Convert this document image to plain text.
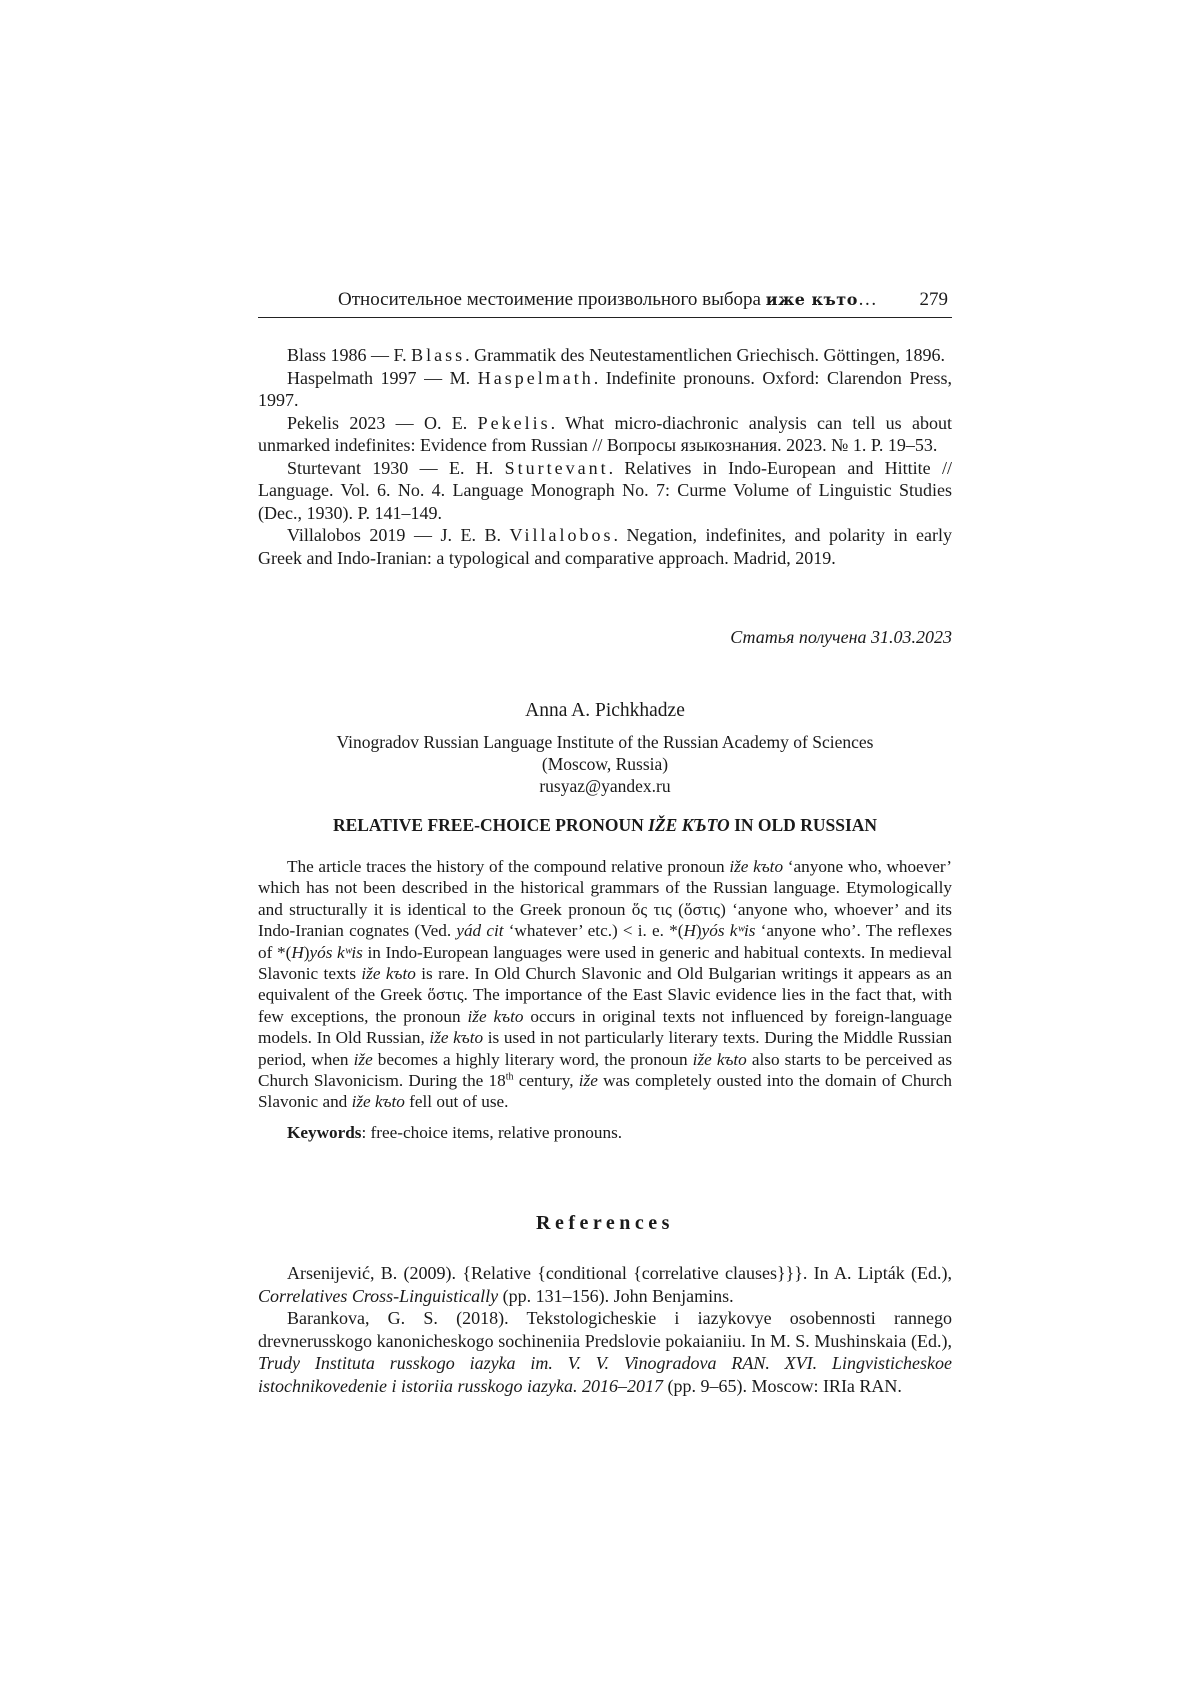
Относительное местоимение произвольного выбора иже къто… 279

Blass 1986 — F. Blass. Grammatik des Neutestamentlichen Griechisch. Göttingen, 1896.

Haspelmath 1997 — M. Haspelmath. Indefinite pronouns. Oxford: Clarendon Press, 1997.

Pekelis 2023 — O. E. Pekelis. What micro-diachronic analysis can tell us about unmarked indefinites: Evidence from Russian // Вопросы языкознания. 2023. № 1. P. 19–53.

Sturtevant 1930 — E. H. Sturtevant. Relatives in Indo-European and Hittite // Language. Vol. 6. No. 4. Language Monograph No. 7: Curme Volume of Linguistic Studies (Dec., 1930). P. 141–149.

Villalobos 2019 — J. E. B. Villalobos. Negation, indefinites, and polarity in early Greek and Indo-Iranian: a typological and comparative approach. Madrid, 2019.

Статья получена 31.03.2023
Anna A. Pichkhadze
Vinogradov Russian Language Institute of the Russian Academy of Sciences
(Moscow, Russia)
rusyaz@yandex.ru
RELATIVE FREE-CHOICE PRONOUN IŽE KЪTO IN OLD RUSSIAN

The article traces the history of the compound relative pronoun iže kъto ‘anyone who, whoever’ which has not been described in the historical grammars of the Russian language. Etymologically and structurally it is identical to the Greek pronoun ὅς τις (ὅστις) ‘anyone who, whoever’ and its Indo-Iranian cognates (Ved. yád cit ‘whatever’ etc.) < i. e. *(H)yós kʷis ‘anyone who’. The reflexes of *(H)yós kʷis in Indo-European languages were used in generic and habitual contexts. In medieval Slavonic texts iže kъto is rare. In Old Church Slavonic and Old Bulgarian writings it appears as an equivalent of the Greek ὅστις. The importance of the East Slavic evidence lies in the fact that, with few exceptions, the pronoun iže kъto occurs in original texts not influenced by foreign-language models. In Old Russian, iže kъto is used in not particularly literary texts. During the Middle Russian period, when iže becomes a highly literary word, the pronoun iže kъto also starts to be perceived as Church Slavonicism. During the 18th century, iže was completely ousted into the domain of Church Slavonic and iže kъto fell out of use.

Keywords: free-choice items, relative pronouns.

References

Arsenijević, B. (2009). {Relative {conditional {correlative clauses}}}. In A. Lipták (Ed.), Correlatives Cross-Linguistically (pp. 131–156). John Benjamins.

Barankova, G. S. (2018). Tekstologicheskie i iazykovye osobennosti rannego drevnerusskogo kanonicheskogo sochineniia Predslovie pokaianiiu. In M. S. Mushinskaia (Ed.), Trudy Instituta russkogo iazyka im. V. V. Vinogradova RAN. XVI. Lingvisticheskoe istochnikovedenie i istoriia russkogo iazyka. 2016–2017 (pp. 9–65). Moscow: IRIa RAN.
